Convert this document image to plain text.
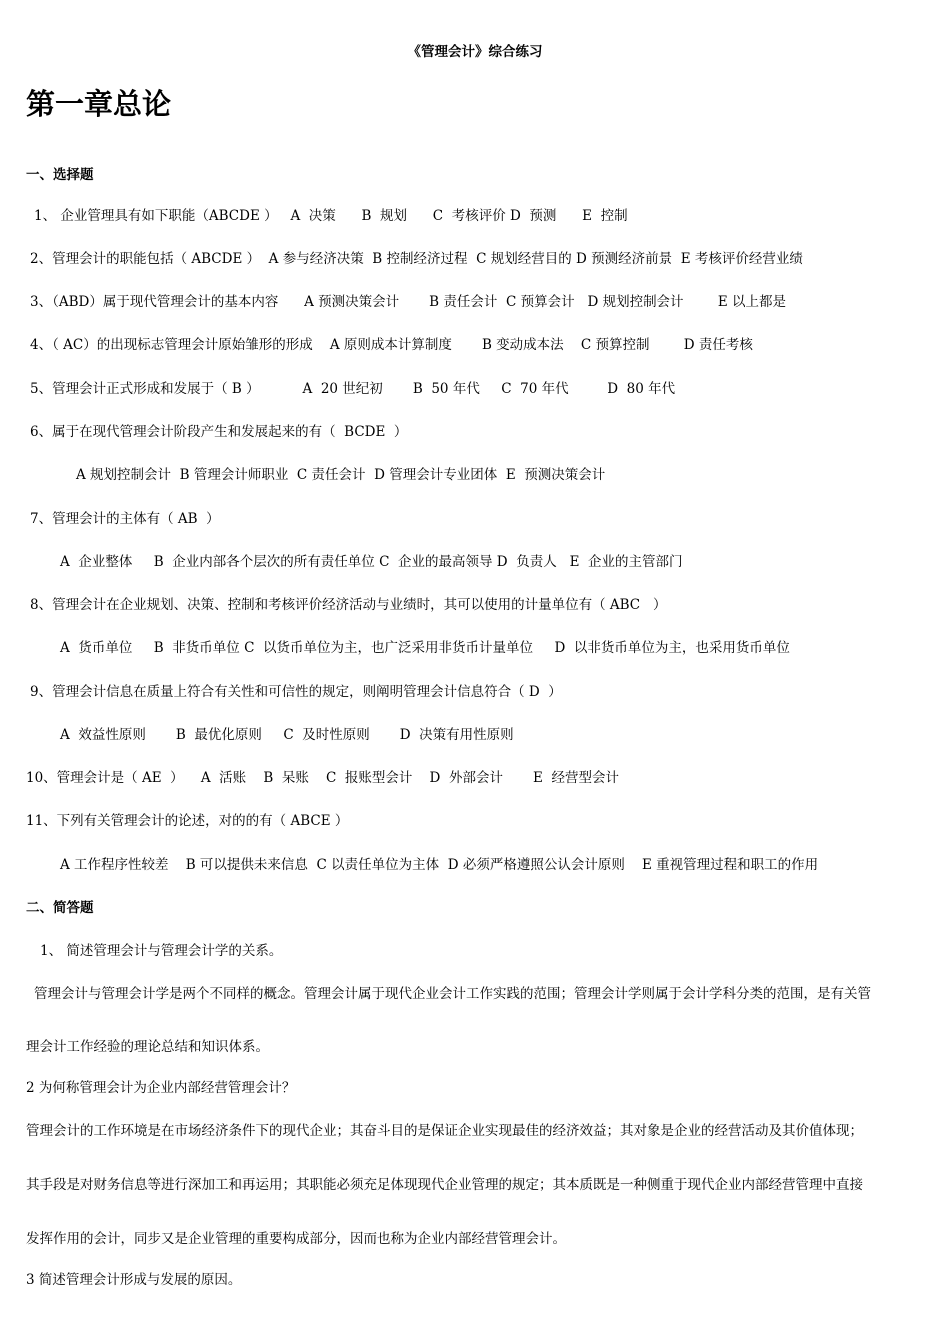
《管理会计》综合练习
第一章总论
一、选择题
1、 企业管理具有如下职能（ABCDE ）   A  决策      B  规划      C  考核评价 D  预测      E  控制
2、管理会计的职能包括（ ABCDE ）  A 参与经济决策  B 控制经济过程  C 规划经营目的 D 预测经济前景  E 考核评价经营业绩
3、（ABD）属于现代管理会计的基本内容      A 预测决策会计       B 责任会计  C 预算会计   D 规划控制会计        E 以上都是
4、（ AC）的出现标志管理会计原始雏形的形成    A 原则成本计算制度       B 变动成本法    C 预算控制        D 责任考核
5、管理会计正式形成和发展于（ B ）          A  20 世纪初       B  50 年代     C  70 年代         D  80 年代
6、属于在现代管理会计阶段产生和发展起来的有（  BCDE  ）
A 规划控制会计  B 管理会计师职业  C 责任会计  D 管理会计专业团体  E  预测决策会计
7、管理会计的主体有（ AB  ）
A  企业整体     B  企业内部各个层次的所有责任单位 C  企业的最高领导 D  负责人   E  企业的主管部门
8、管理会计在企业规划、决策、控制和考核评价经济活动与业绩时，其可以使用的计量单位有（ ABC   ）
A  货币单位     B  非货币单位 C  以货币单位为主，也广泛采用非货币计量单位     D  以非货币单位为主，也采用货币单位
9、管理会计信息在质量上符合有关性和可信性的规定，则阐明管理会计信息符合（ D  ）
A  效益性原则       B  最优化原则     C  及时性原则       D  决策有用性原则
10、管理会计是（ AE  ）    A  活账    B  呆账    C  报账型会计    D  外部会计       E  经营型会计
11、下列有关管理会计的论述，对的的有（ ABCE ）
A 工作程序性较差    B 可以提供未来信息  C 以责任单位为主体  D 必须严格遵照公认会计原则    E 重视管理过程和职工的作用
二、简答题
1、 简述管理会计与管理会计学的关系。
管理会计与管理会计学是两个不同样的概念。管理会计属于现代企业会计工作实践的范围；管理会计学则属于会计学科分类的范围，是有关管
理会计工作经验的理论总结和知识体系。
2 为何称管理会计为企业内部经营管理会计？
管理会计的工作环境是在市场经济条件下的现代企业；其奋斗目的是保证企业实现最佳的经济效益；其对象是企业的经营活动及其价值体现；
其手段是对财务信息等进行深加工和再运用；其职能必须充足体现现代企业管理的规定；其本质既是一种侧重于现代企业内部经营管理中直接
发挥作用的会计，同步又是企业管理的重要构成部分，因而也称为企业内部经营管理会计。
3 简述管理会计形成与发展的原因。
